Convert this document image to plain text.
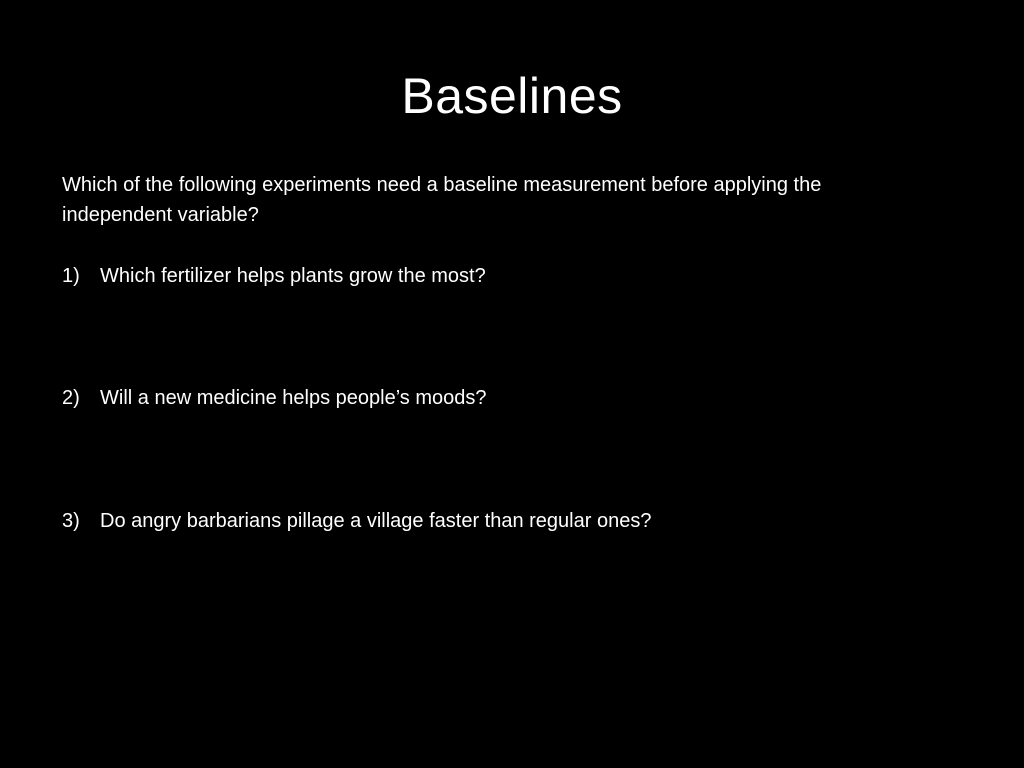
Baselines

Which of the following experiments need a baseline measurement before applying the independent variable?

1) Which fertilizer helps plants grow the most?
2) Will a new medicine helps people’s moods?
3) Do angry barbarians pillage a village faster than regular ones?
